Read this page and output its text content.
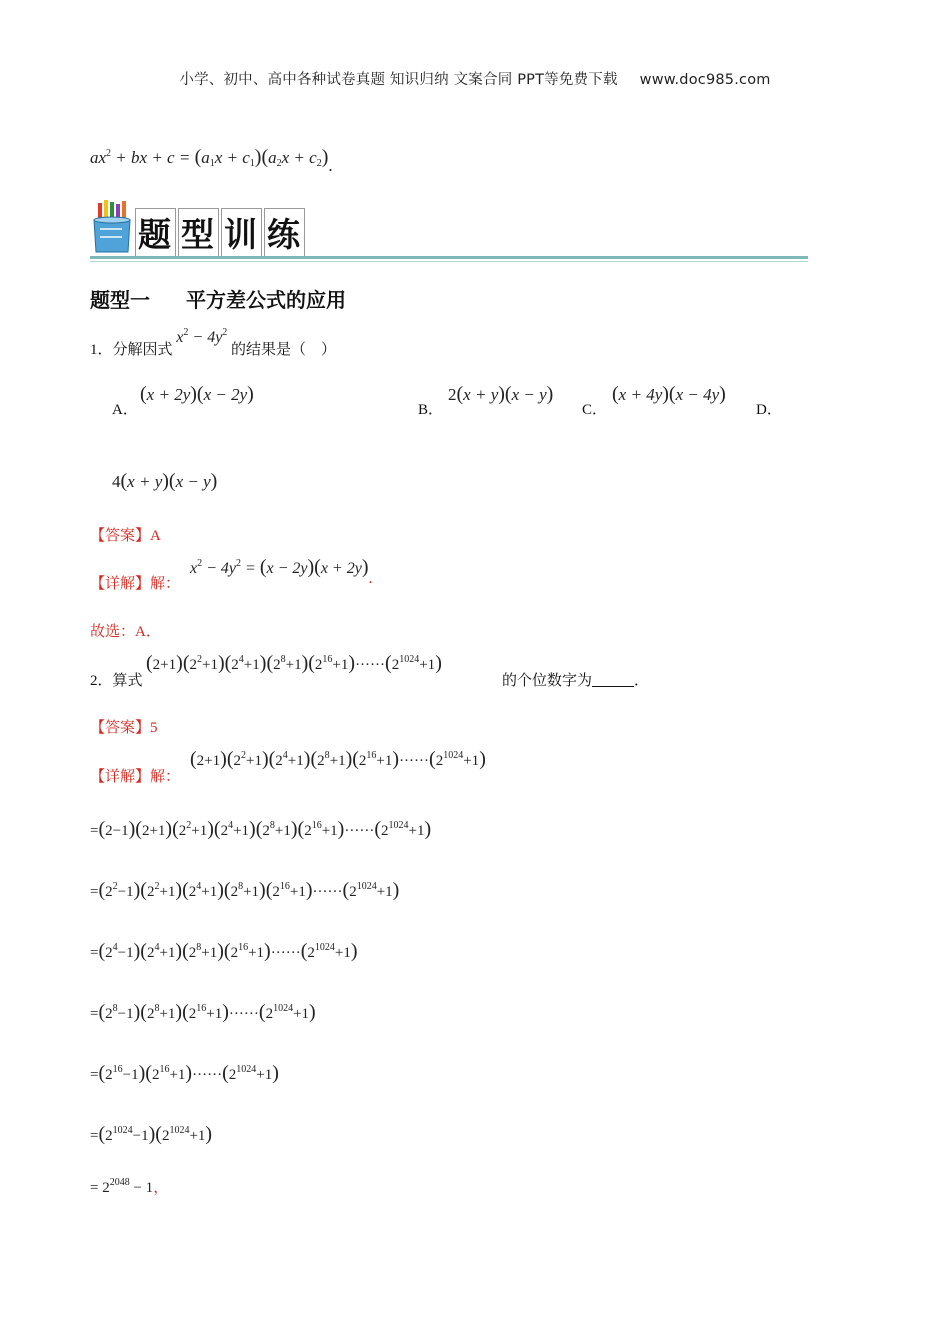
小学、初中、高中各种试卷真题 知识归纳 文案合同 PPT等免费下载 www.doc985.com
$ax^2$ + bx + $c = (a_1x + c_1)(a_2x + c_2)$.
题 型 训 练
题型一 平方差公式的应用
1．分解因式 $x^2 - 4y^2$ 的结果是（　）
A．
(x + 2y)(x − 2y)
B．
2(x + y)(x − y)
C．
(x + 4y)(x − 4y)
D．
4(x + y)(x − y)
【答案】A
【详解】解：
$x^2 - 4y^2 = (x - 2y)(x + 2y)$.
故选：A．
2．算式
$(2+1)(2^2+1)(2^4+1)(2^8+1)(2^{16}+1)\cdot\cdot\cdot\cdot\cdot\cdot(2^{1024}+1)$
的个位数字为	．
【答案】5
【详解】解：
$(2+1)(2^2+1)(2^4+1)(2^8+1)(2^{16}+1)\cdot\cdot\cdot\cdot\cdot\cdot(2^{1024}+1)$
$=(2-1)(2+1)(2^2+1)(2^4+1)(2^8+1)(2^{16}+1)\cdot\cdot\cdot\cdot\cdot\cdot(2^{1024}+1)$
$=(2^2-1)(2^2+1)(2^4+1)(2^8+1)(2^{16}+1)\cdot\cdot\cdot\cdot\cdot\cdot(2^{1024}+1)$
$=(2^4-1)(2^4+1)(2^8+1)(2^{16}+1)\cdot\cdot\cdot\cdot\cdot\cdot(2^{1024}+1)$
$=(2^8-1)(2^8+1)(2^{16}+1)\cdot\cdot\cdot\cdot\cdot\cdot(2^{1024}+1)$
$=(2^{16}-1)(2^{16}+1)\cdot\cdot\cdot\cdot\cdot\cdot(2^{1024}+1)$
$=(2^{1024}-1)(2^{1024}+1)$
= $2^{2048} - 1$，
